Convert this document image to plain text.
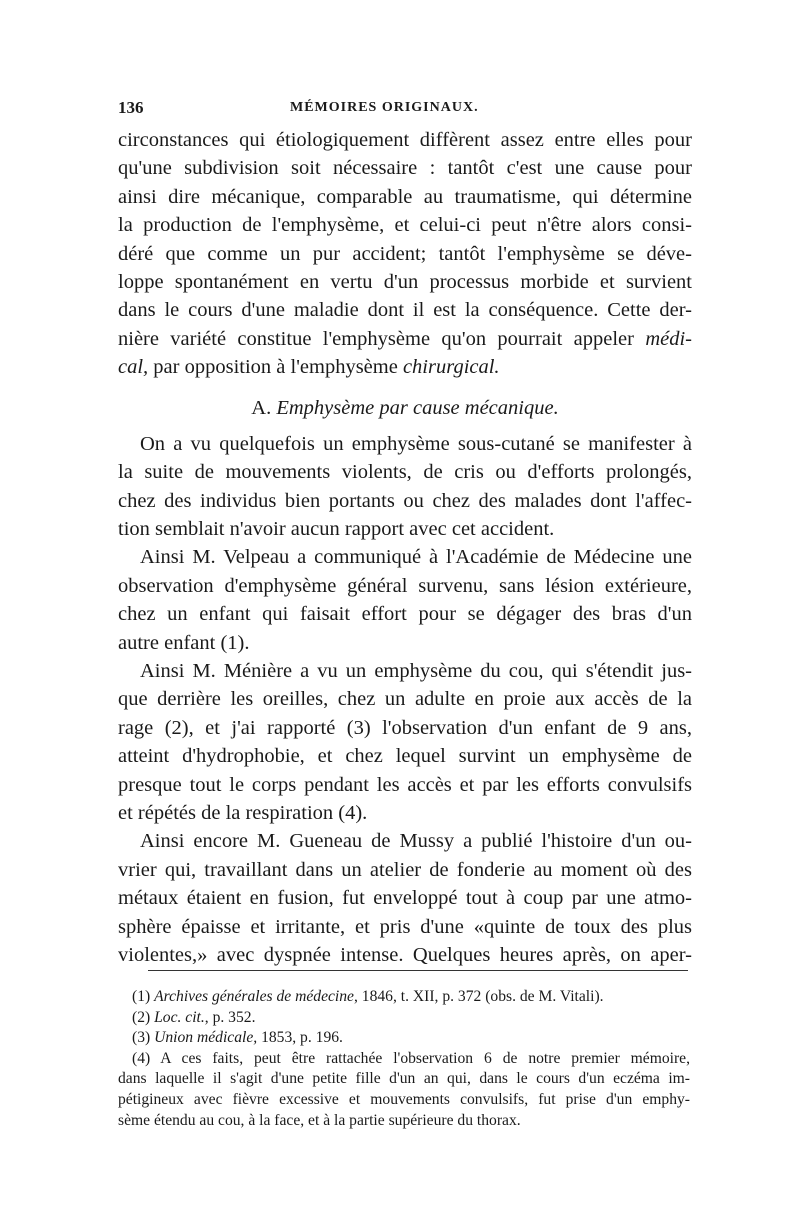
136	MÉMOIRES ORIGINAUX.
circonstances qui étiologiquement diffèrent assez entre elles pour
qu'une subdivision soit nécessaire : tantôt c'est une cause pour
ainsi dire mécanique, comparable au traumatisme, qui détermine
la production de l'emphysème, et celui-ci peut n'être alors consi-
déré que comme un pur accident; tantôt l'emphysème se déve-
loppe spontanément en vertu d'un processus morbide et survient
dans le cours d'une maladie dont il est la conséquence. Cette der-
nière variété constitue l'emphysème qu'on pourrait appeler médi-
cal, par opposition à l'emphysème chirurgical.
A. Emphysème par cause mécanique.
On a vu quelquefois un emphysème sous-cutané se manifester à
la suite de mouvements violents, de cris ou d'efforts prolongés,
chez des individus bien portants ou chez des malades dont l'affec-
tion semblait n'avoir aucun rapport avec cet accident.
Ainsi M. Velpeau a communiqué à l'Académie de Médecine une
observation d'emphysème général survenu, sans lésion extérieure,
chez un enfant qui faisait effort pour se dégager des bras d'un
autre enfant (1).
Ainsi M. Ménière a vu un emphysème du cou, qui s'étendit jus-
que derrière les oreilles, chez un adulte en proie aux accès de la
rage (2), et j'ai rapporté (3) l'observation d'un enfant de 9 ans,
atteint d'hydrophobie, et chez lequel survint un emphysème de
presque tout le corps pendant les accès et par les efforts convulsifs
et répétés de la respiration (4).
Ainsi encore M. Gueneau de Mussy a publié l'histoire d'un ou-
vrier qui, travaillant dans un atelier de fonderie au moment où des
métaux étaient en fusion, fut enveloppé tout à coup par une atmo-
sphère épaisse et irritante, et pris d'une «quinte de toux des plus
violentes,» avec dyspnée intense. Quelques heures après, on aper-
(1) Archives générales de médecine, 1846, t. XII, p. 372 (obs. de M. Vitali).
(2) Loc. cit., p. 352.
(3) Union médicale, 1853, p. 196.
(4) A ces faits, peut être rattachée l'observation 6 de notre premier mémoire,
dans laquelle il s'agit d'une petite fille d'un an qui, dans le cours d'un eczéma im-
pétigineux avec fièvre excessive et mouvements convulsifs, fut prise d'un emphy-
sème étendu au cou, à la face, et à la partie supérieure du thorax.
